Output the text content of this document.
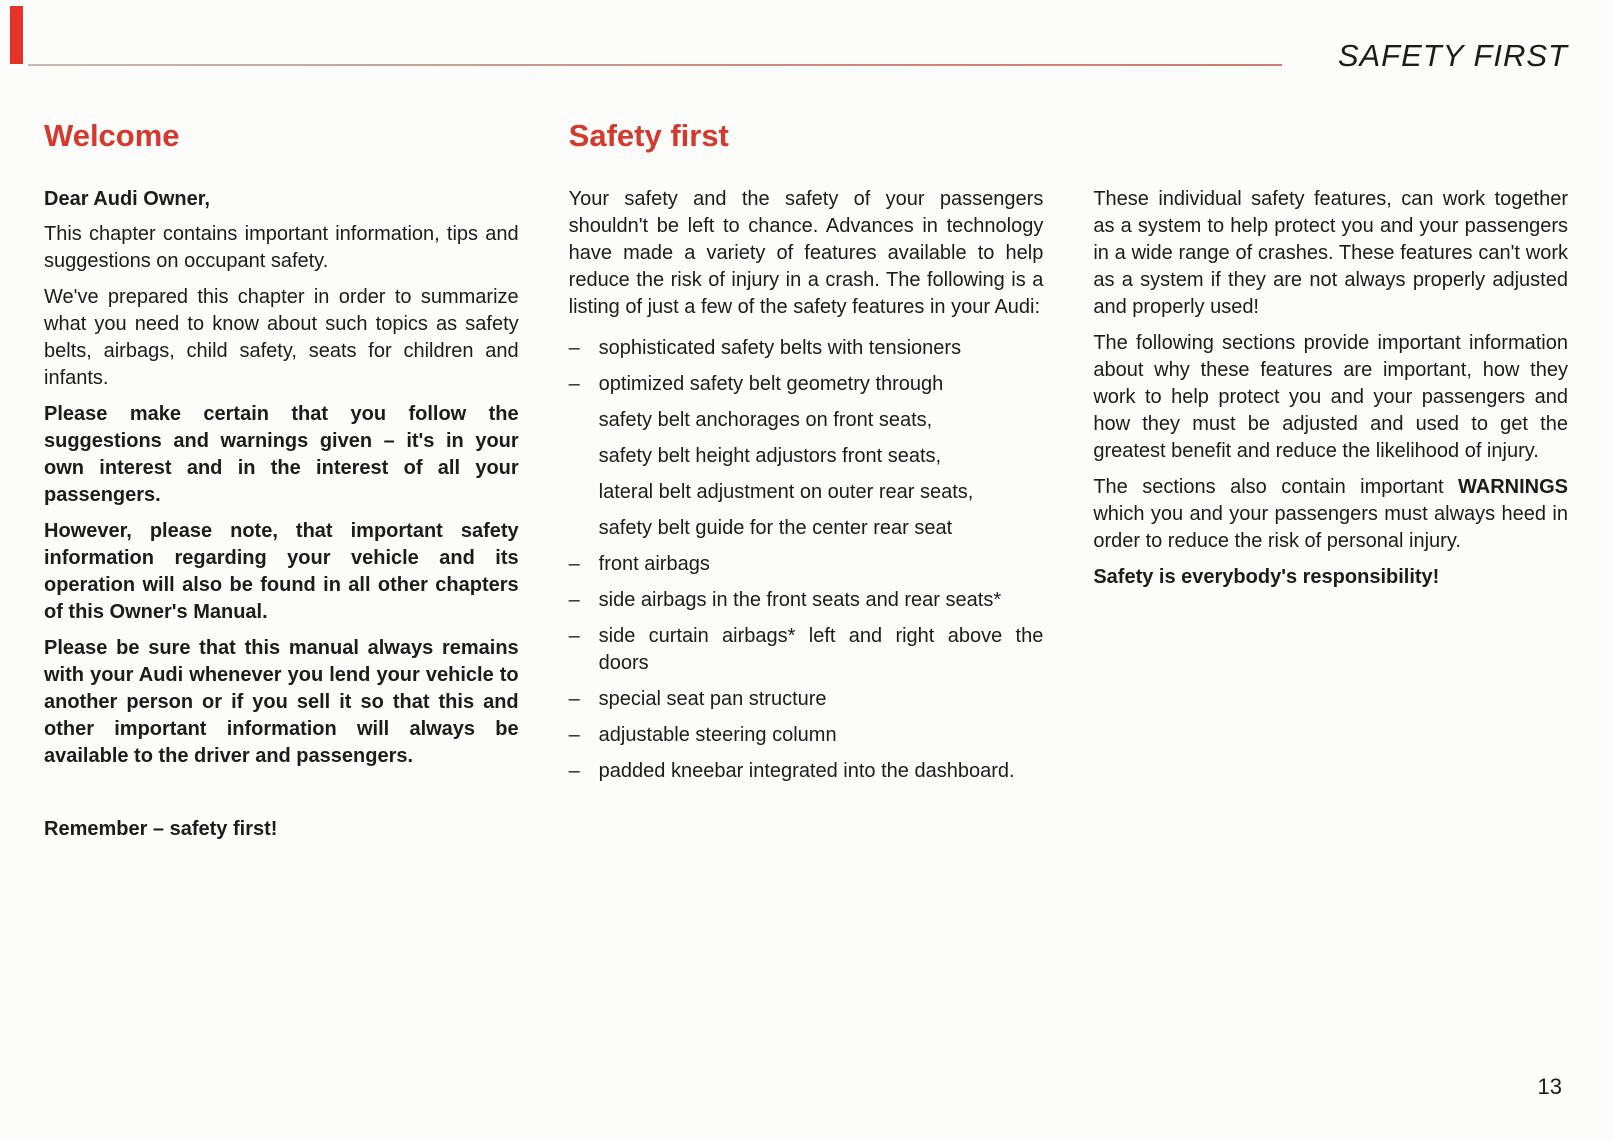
SAFETY FIRST
Welcome

Dear Audi Owner,

This chapter contains important information, tips and suggestions on occupant safety.

We've prepared this chapter in order to summarize what you need to know about such topics as safety belts, airbags, child safety, seats for children and infants.

Please make certain that you follow the suggestions and warnings given – it's in your own interest and in the interest of all your passengers.

However, please note, that important safety information regarding your vehicle and its operation will also be found in all other chapters of this Owner's Manual.

Please be sure that this manual always remains with your Audi whenever you lend your vehicle to another person or if you sell it so that this and other important information will always be available to the driver and passengers.

Remember – safety first!

Safety first

Your safety and the safety of your passengers shouldn't be left to chance. Advances in technology have made a variety of features available to help reduce the risk of injury in a crash. The following is a listing of just a few of the safety features in your Audi:

– sophisticated safety belts with tensioners
– optimized safety belt geometry through
safety belt anchorages on front seats,
safety belt height adjustors front seats,
lateral belt adjustment on outer rear seats,
safety belt guide for the center rear seat
– front airbags
– side airbags in the front seats and rear seats*
– side curtain airbags* left and right above the doors
– special seat pan structure
– adjustable steering column
– padded kneebar integrated into the dashboard.

These individual safety features, can work together as a system to help protect you and your passengers in a wide range of crashes. These features can't work as a system if they are not always properly adjusted and properly used!

The following sections provide important information about why these features are important, how they work to help protect you and your passengers and how they must be adjusted and used to get the greatest benefit and reduce the likelihood of injury.

The sections also contain important WARNINGS which you and your passengers must always heed in order to reduce the risk of personal injury.

Safety is everybody's responsibility!

13
